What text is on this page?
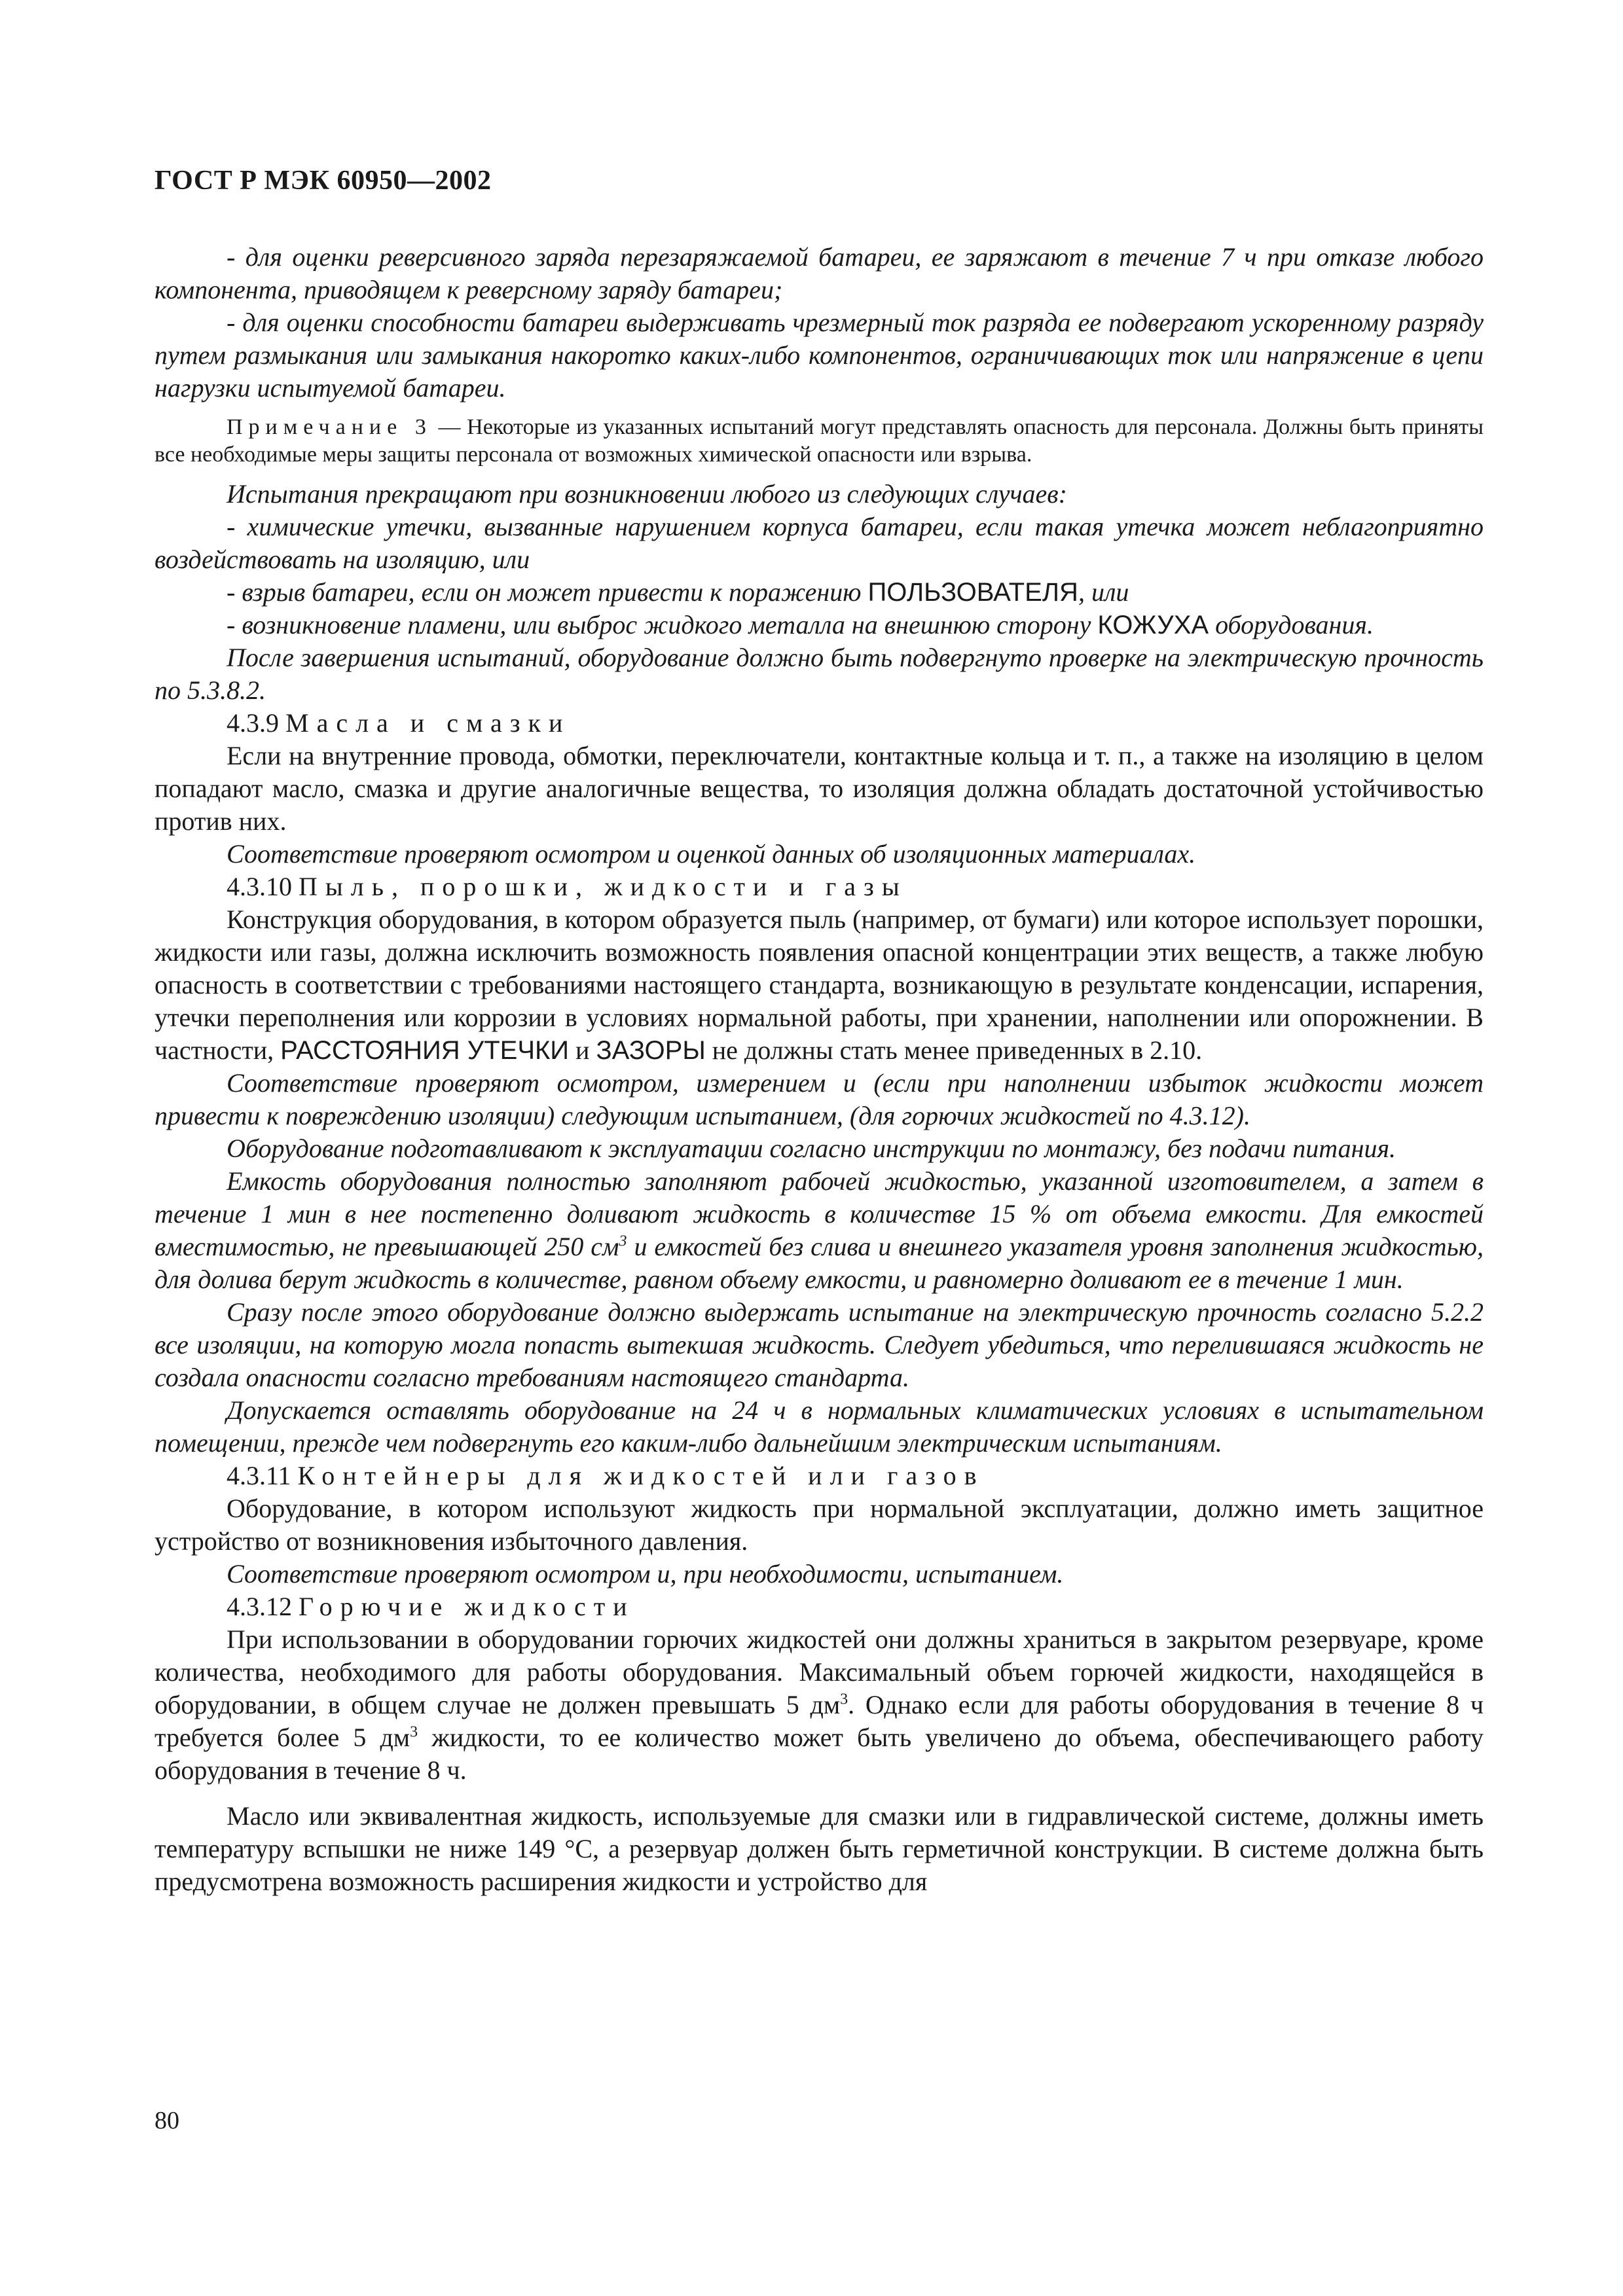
ГОСТ Р МЭК 60950—2002

- для оценки реверсивного заряда перезаряжаемой батареи, ее заряжают в течение 7 ч при отказе любого компонента, приводящем к реверсному заряду батареи;

- для оценки способности батареи выдерживать чрезмерный ток разряда ее подвергают ускоренному разряду путем размыкания или замыкания накоротко каких-либо компонентов, ограничивающих ток или напряжение в цепи нагрузки испытуемой батареи.

Примечание 3 — Некоторые из указанных испытаний могут представлять опасность для персонала. Должны быть приняты все необходимые меры защиты персонала от возможных химической опасности или взрыва.

Испытания прекращают при возникновении любого из следующих случаев:

- химические утечки, вызванные нарушением корпуса батареи, если такая утечка может неблагоприятно воздействовать на изоляцию, или

- взрыв батареи, если он может привести к поражению ПОЛЬЗОВАТЕЛЯ, или

- возникновение пламени, или выброс жидкого металла на внешнюю сторону КОЖУХА оборудования.

После завершения испытаний, оборудование должно быть подвергнуто проверке на электрическую прочность по 5.3.8.2.

4.3.9 Масла и смазки

Если на внутренние провода, обмотки, переключатели, контактные кольца и т. п., а также на изоляцию в целом попадают масло, смазка и другие аналогичные вещества, то изоляция должна обладать достаточной устойчивостью против них.

Соответствие проверяют осмотром и оценкой данных об изоляционных материалах.

4.3.10 Пыль, порошки, жидкости и газы

Конструкция оборудования, в котором образуется пыль (например, от бумаги) или которое использует порошки, жидкости или газы, должна исключить возможность появления опасной концентрации этих веществ, а также любую опасность в соответствии с требованиями настоящего стандарта, возникающую в результате конденсации, испарения, утечки переполнения или коррозии в условиях нормальной работы, при хранении, наполнении или опорожнении. В частности, РАССТОЯНИЯ УТЕЧКИ и ЗАЗОРЫ не должны стать менее приведенных в 2.10.

Соответствие проверяют осмотром, измерением и (если при наполнении избыток жидкости может привести к повреждению изоляции) следующим испытанием, (для горючих жидкостей по 4.3.12).

Оборудование подготавливают к эксплуатации согласно инструкции по монтажу, без подачи питания.

Емкость оборудования полностью заполняют рабочей жидкостью, указанной изготовителем, а затем в течение 1 мин в нее постепенно доливают жидкость в количестве 15 % от объема емкости. Для емкостей вместимостью, не превышающей 250 $см^3$ и емкостей без слива и внешнего указателя уровня заполнения жидкостью, для долива берут жидкость в количестве, равном объему емкости, и равномерно доливают ее в течение 1 мин.

Сразу после этого оборудование должно выдержать испытание на электрическую прочность согласно 5.2.2 все изоляции, на которую могла попасть вытекшая жидкость. Следует убедиться, что перелившаяся жидкость не создала опасности согласно требованиям настоящего стандарта.

Допускается оставлять оборудование на 24 ч в нормальных климатических условиях в испытательном помещении, прежде чем подвергнуть его каким-либо дальнейшим электрическим испытаниям.

4.3.11 Контейнеры для жидкостей или газов

Оборудование, в котором используют жидкость при нормальной эксплуатации, должно иметь защитное устройство от возникновения избыточного давления.

Соответствие проверяют осмотром и, при необходимости, испытанием.

4.3.12 Горючие жидкости

При использовании в оборудовании горючих жидкостей они должны храниться в закрытом резервуаре, кроме количества, необходимого для работы оборудования. Максимальный объем горючей жидкости, находящейся в оборудовании, в общем случае не должен превышать 5 $дм^3$. Однако если для работы оборудования в течение 8 ч требуется более 5 $дм^3$ жидкости, то ее количество может быть увеличено до объема, обеспечивающего работу оборудования в течение 8 ч.

Масло или эквивалентная жидкость, используемые для смазки или в гидравлической системе, должны иметь температуру вспышки не ниже 149 °С, а резервуар должен быть герметичной конструкции. В системе должна быть предусмотрена возможность расширения жидкости и устройство для

80
